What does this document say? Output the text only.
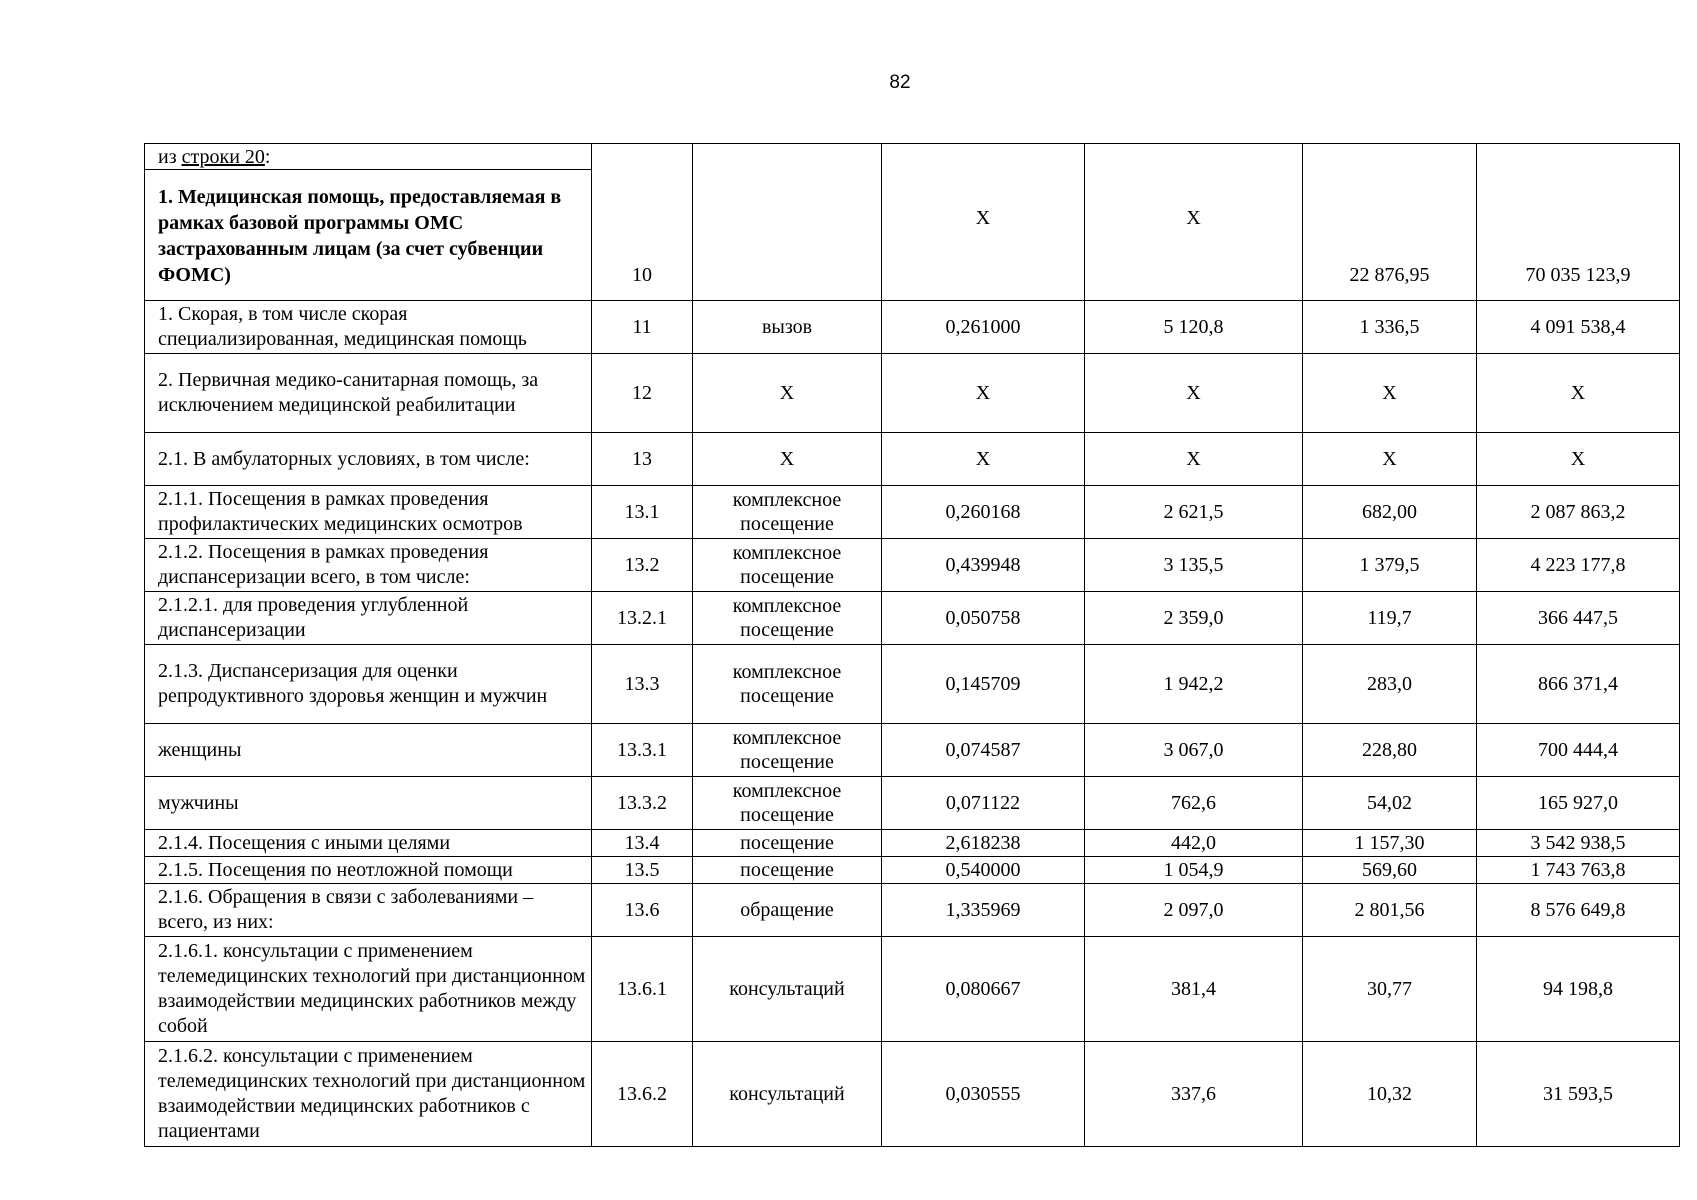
82
из строки 20:
1. Медицинская помощь, предоставляемая в рамках базовой программы ОМС застрахованным лицам (за счет субвенции ФОМС)	10		Х	Х	22 876,95	70 035 123,9
1. Скорая, в том числе скорая специализированная, медицинская помощь	11	вызов	0,261000	5 120,8	1 336,5	4 091 538,4
2. Первичная медико-санитарная помощь, за исключением медицинской реабилитации	12	Х	Х	Х	Х	Х
2.1. В амбулаторных условиях, в том числе:	13	Х	Х	Х	Х	Х
2.1.1. Посещения в рамках проведения профилактических медицинских осмотров	13.1	комплексное посещение	0,260168	2 621,5	682,00	2 087 863,2
2.1.2. Посещения в рамках проведения диспансеризации всего, в том числе:	13.2	комплексное посещение	0,439948	3 135,5	1 379,5	4 223 177,8
2.1.2.1. для проведения углубленной диспансеризации	13.2.1	комплексное посещение	0,050758	2 359,0	119,7	366 447,5
2.1.3. Диспансеризация для оценки репродуктивного здоровья женщин и мужчин	13.3	комплексное посещение	0,145709	1 942,2	283,0	866 371,4
женщины	13.3.1	комплексное посещение	0,074587	3 067,0	228,80	700 444,4
мужчины	13.3.2	комплексное посещение	0,071122	762,6	54,02	165 927,0
2.1.4. Посещения с иными целями	13.4	посещение	2,618238	442,0	1 157,30	3 542 938,5
2.1.5. Посещения по неотложной помощи	13.5	посещение	0,540000	1 054,9	569,60	1 743 763,8
2.1.6. Обращения в связи с заболеваниями – всего, из них:	13.6	обращение	1,335969	2 097,0	2 801,56	8 576 649,8
2.1.6.1. консультации с применением телемедицинских технологий при дистанционном взаимодействии медицинских работников между собой	13.6.1	консультаций	0,080667	381,4	30,77	94 198,8
2.1.6.2. консультации с применением телемедицинских технологий при дистанционном взаимодействии медицинских работников с пациентами	13.6.2	консультаций	0,030555	337,6	10,32	31 593,5
